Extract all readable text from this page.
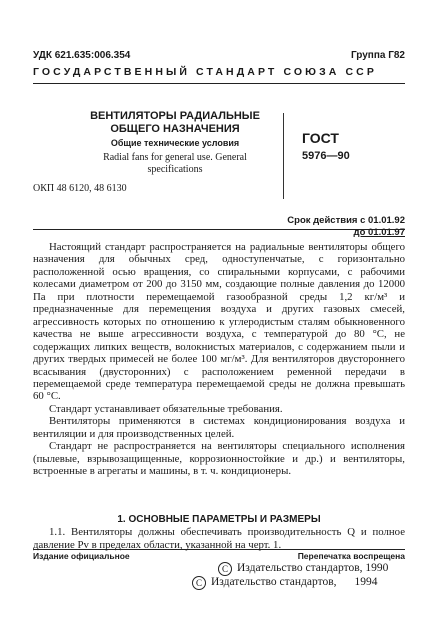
УДК 621.635:006.354	Группа Г82
ГОСУДАРСТВЕННЫЙ СТАНДАРТ СОЮЗА ССР
ВЕНТИЛЯТОРЫ РАДИАЛЬНЫЕ ОБЩЕГО НАЗНАЧЕНИЯ
Общие технические условия
Radial fans for general use. General specifications
ГОСТ
5976—90
ОКП 48 6120, 48 6130
Срок действия с 01.01.92
до 01.01.97

Настоящий стандарт распространяется на радиальные вентиляторы общего назначения для обычных сред, одноступенчатые, с горизонтально расположенной осью вращения, со спиральными корпусами, с рабочими колесами диаметром от 200 до 3150 мм, создающие полные давления до 12000 Па при плотности перемещаемой газообразной среды 1,2 кг/м³ и предназначенные для перемещения воздуха и других газовых смесей, агрессивность которых по отношению к углеродистым сталям обыкновенного качества не выше агрессивности воздуха, с температурой до 80 °С, не содержащих липких веществ, волокнистых материалов, с содержанием пыли и других твердых примесей не более 100 мг/м³. Для вентиляторов двустороннего всасывания (двусторонних) с расположением ременной передачи в перемещаемой среде температура перемещаемой среды не должна превышать 60 °С.

Стандарт устанавливает обязательные требования.

Вентиляторы применяются в системах кондиционирования воздуха и вентиляции и для производственных целей.

Стандарт не распространяется на вентиляторы специального исполнения (пылевые, взрывозащищенные, коррозионностойкие и др.) и вентиляторы, встроенные в агрегаты и машины, в т. ч. кондиционеры.

1. ОСНОВНЫЕ ПАРАМЕТРЫ И РАЗМЕРЫ

1.1. Вентиляторы должны обеспечивать производительность Q и полное давление Pv в пределах области, указанной на черт. 1.

Издание официальное	Перепечатка воспрещена
C Издательство стандартов, 1990
C Издательство стандартов, 1994
